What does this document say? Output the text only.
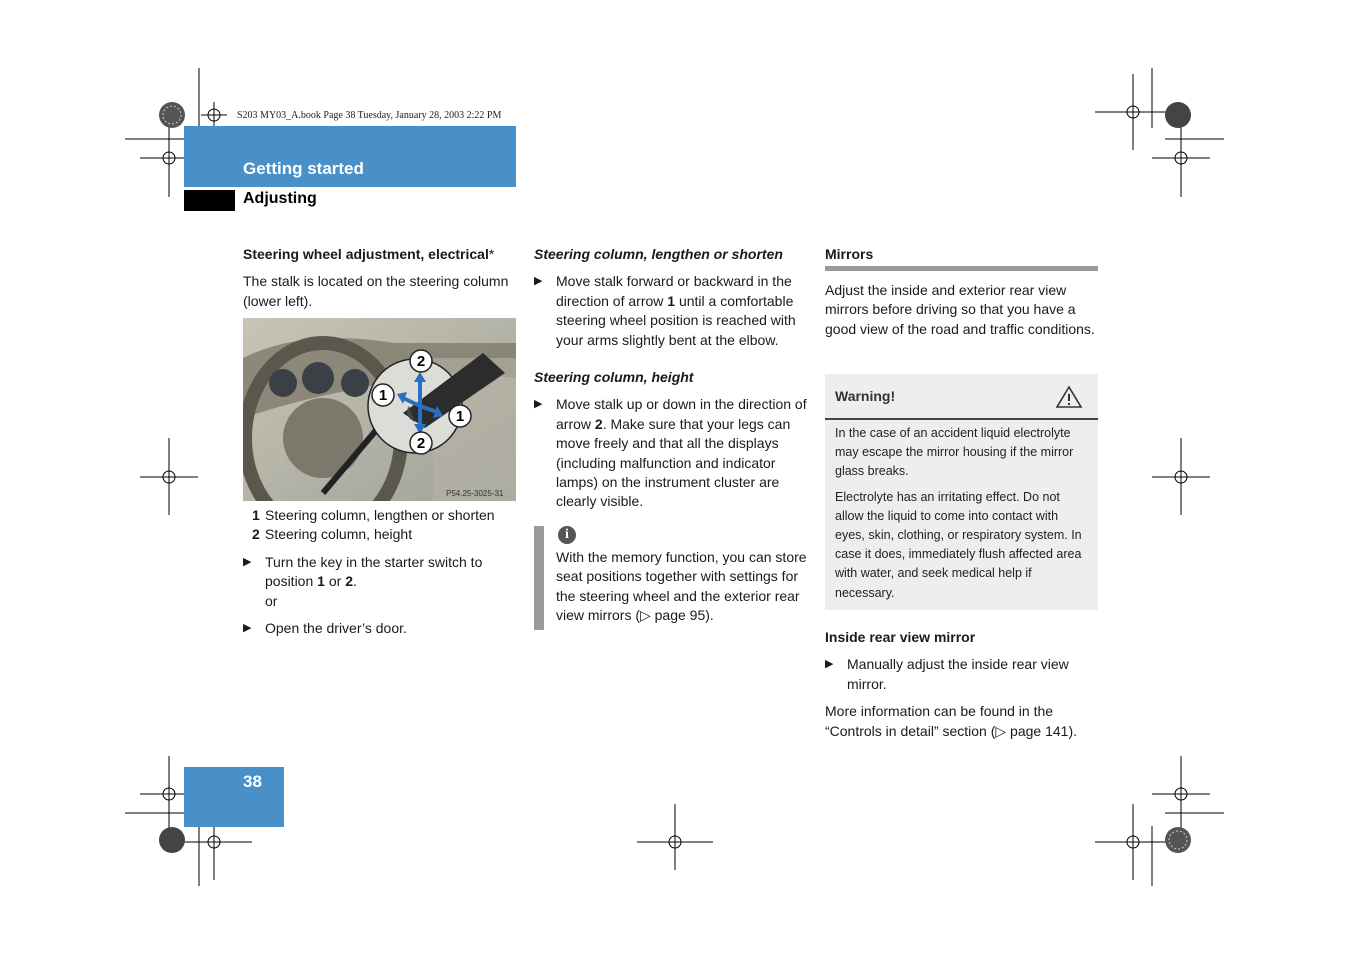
S203 MY03_A.book Page 38 Tuesday, January 28, 2003 2:22 PM
Getting started
Adjusting

Steering wheel adjustment, electrical*

The stalk is located on the steering column (lower left).

2
1
1
2
P54.25-3025-31
1 Steering column, lengthen or shorten
2 Steering column, height
▶ Turn the key in the starter switch to position 1 or 2.
or
▶ Open the driver’s door.

Steering column, lengthen or shorten

▶ Move stalk forward or backward in the direction of arrow 1 until a comfortable steering wheel position is reached with your arms slightly bent at the elbow.

Steering column, height

▶ Move stalk up or down in the direction of arrow 2. Make sure that your legs can move freely and that all the displays (including malfunction and indicator lamps) on the instrument cluster are clearly visible.
i
With the memory function, you can store seat positions together with settings for the steering wheel and the exterior rear view mirrors (▷ page 95).

Mirrors

Adjust the inside and exterior rear view mirrors before driving so that you have a good view of the road and traffic conditions.
Warning!

In the case of an accident liquid electrolyte may escape the mirror housing if the mirror glass breaks.

Electrolyte has an irritating effect. Do not allow the liquid to come into contact with eyes, skin, clothing, or respiratory system. In case it does, immediately flush affected area with water, and seek medical help if necessary.

Inside rear view mirror

▶ Manually adjust the inside rear view mirror.

More information can be found in the “Controls in detail” section (▷ page 141).

38
